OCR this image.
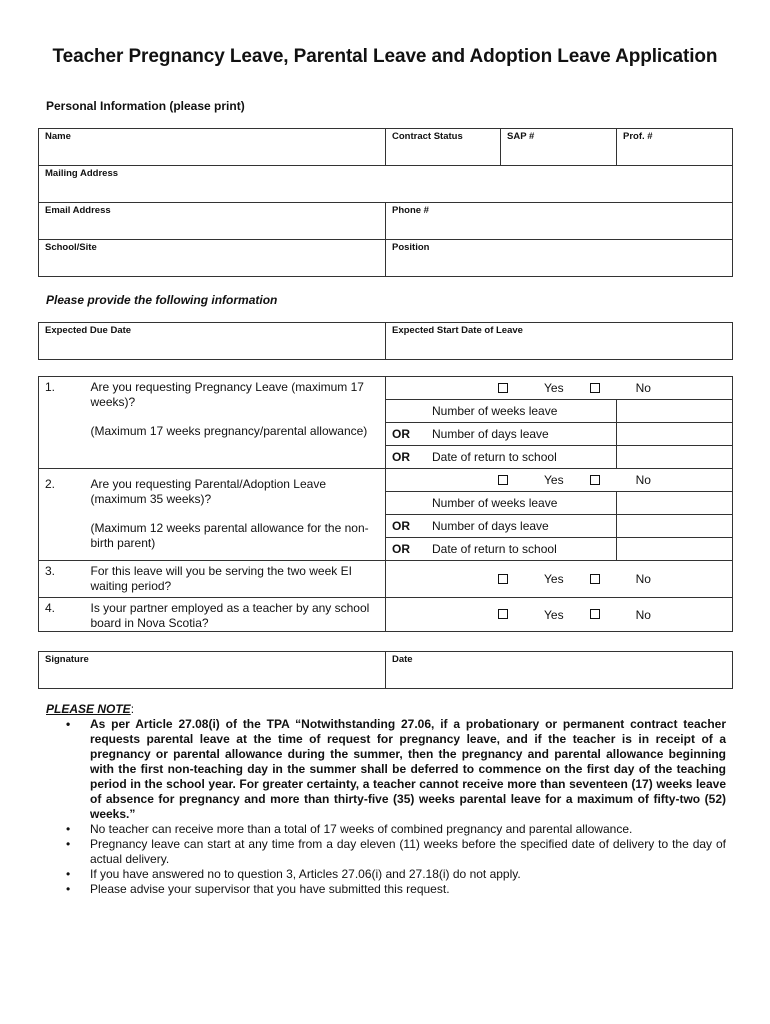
Teacher Pregnancy Leave, Parental Leave and Adoption Leave Application
Personal Information (please print)
Name	Contract Status	SAP #	Prof. #

Mailing Address			

Email Address	Phone #		

School/Site	Position		
Please provide the following information
Expected Due Date	Expected Start Date of Leave
1.	Are you requesting Pregnancy Leave (maximum 17 weeks)?

(Maximum 17 weeks pregnancy/parental allowance)

Yes	No
	Number of weeks leave	
OR	Number of days leave	
OR	Date of return to school	

2.	Are you requesting Parental/Adoption Leave (maximum 35 weeks)?

(Maximum 12 weeks parental allowance for the non-birth parent)

Yes	No
	Number of weeks leave	
OR	Number of days leave	
OR	Date of return to school	

3.	For this leave will you be serving the two week EI waiting period?	Yes	No

4.	Is your partner employed as a teacher by any school board in Nova Scotia?	
Yes	No
Signature	Date
PLEASE NOTE:
• As per Article 27.08(i) of the TPA “Notwithstanding 27.06, if a probationary or permanent contract teacher requests parental leave at the time of request for pregnancy leave, and if the teacher is in receipt of a pregnancy or parental allowance during the summer, then the pregnancy and parental allowance beginning with the first non-teaching day in the summer shall be deferred to commence on the first day of the teaching period in the school year. For greater certainty, a teacher cannot receive more than seventeen (17) weeks leave of absence for pregnancy and more than thirty-five (35) weeks parental leave for a maximum of fifty-two (52) weeks.”
• No teacher can receive more than a total of 17 weeks of combined pregnancy and parental allowance.
• Pregnancy leave can start at any time from a day eleven (11) weeks before the specified date of delivery to the day of actual delivery.
• If you have answered no to question 3, Articles 27.06(i) and 27.18(i) do not apply.
• Please advise your supervisor that you have submitted this request.
